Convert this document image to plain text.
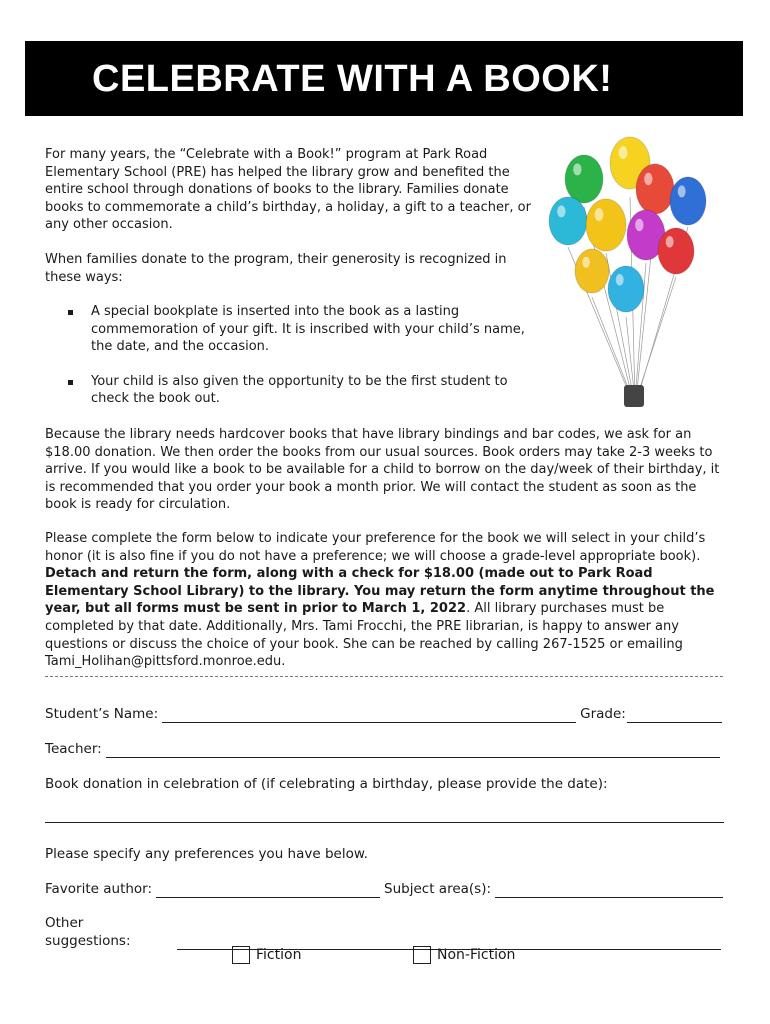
CELEBRATE WITH A BOOK!

For many years, the “Celebrate with a Book!” program at Park Road Elementary School (PRE) has helped the library grow and benefited the entire school through donations of books to the library. Families donate books to commemorate a child’s birthday, a holiday, a gift to a teacher, or any other occasion.

When families donate to the program, their generosity is recognized in these ways:

A special bookplate is inserted into the book as a lasting commemoration of your gift. It is inscribed with your child’s name, the date, and the occasion.
Your child is also given the opportunity to be the first student to check the book out.

Because the library needs hardcover books that have library bindings and bar codes, we ask for an $18.00 donation. We then order the books from our usual sources. Book orders may take 2-3 weeks to arrive. If you would like a book to be available for a child to borrow on the day/week of their birthday, it is recommended that you order your book a month prior. We will contact the student as soon as the book is ready for circulation.

Please complete the form below to indicate your preference for the book we will select in your child’s honor (it is also fine if you do not have a preference; we will choose a grade-level appropriate book). Detach and return the form, along with a check for $18.00 (made out to Park Road Elementary School Library) to the library. You may return the form anytime throughout the year, but all forms must be sent in prior to March 1, 2022. All library purchases must be completed by that date. Additionally, Mrs. Tami Frocchi, the PRE librarian, is happy to answer any questions or discuss the choice of your book. She can be reached by calling 267-1525 or emailing Tami_Holihan@pittsford.monroe.edu.

Student’s Name:	Grade:
Teacher:
Book donation in celebration of (if celebrating a birthday, please provide the date):
Please specify any preferences you have below.
Favorite author:	Subject area(s):
Other suggestions:
Fiction	Non-Fiction
